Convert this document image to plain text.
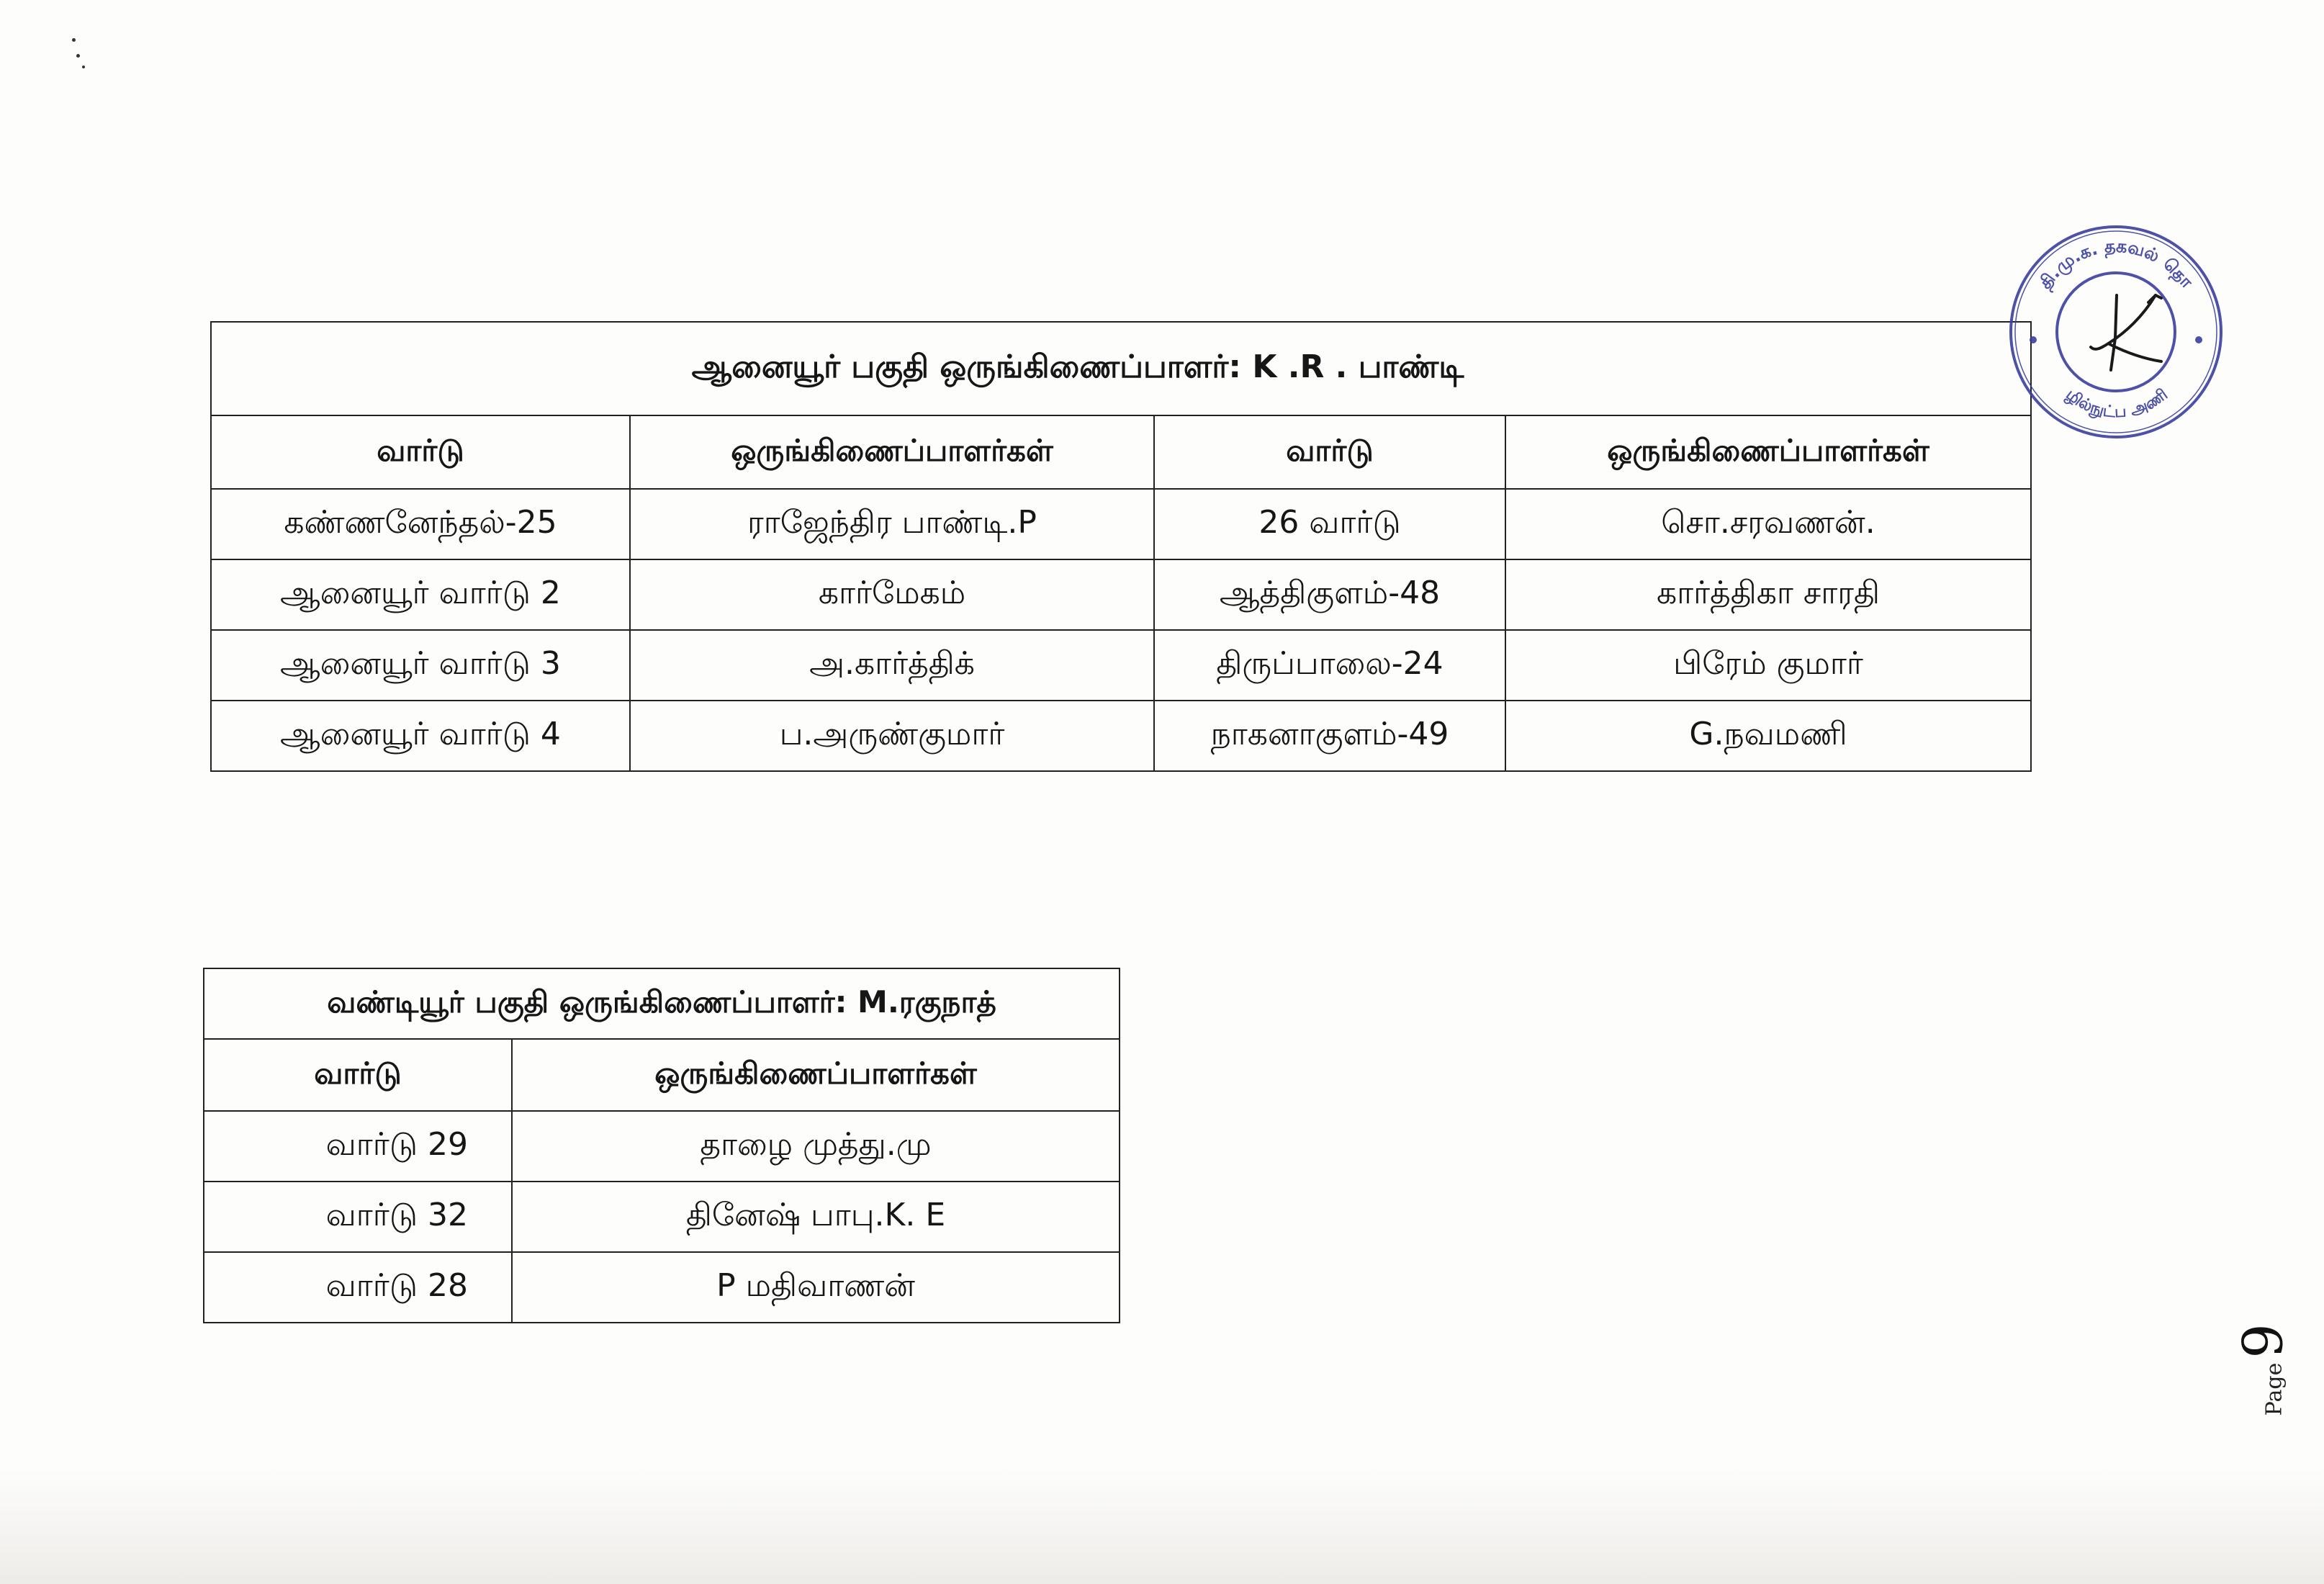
ஆனையூர் பகுதி ஒருங்கிணைப்பாளர்: K .R . பாண்டி			
வார்டு	ஒருங்கிணைப்பாளர்கள்	வார்டு	ஒருங்கிணைப்பாளர்கள்
கண்ணனேந்தல்-25	ராஜேந்திர பாண்டி.P	26 வார்டு	சொ.சரவணன்.
ஆனையூர் வார்டு 2	கார்மேகம்	ஆத்திகுளம்-48	கார்த்திகா சாரதி
ஆனையூர் வார்டு 3	அ.கார்த்திக்	திருப்பாலை-24	பிரேம் குமார்
ஆனையூர் வார்டு 4	ப.அருண்குமார்	நாகனாகுளம்-49	G.நவமணி
வண்டியூர் பகுதி ஒருங்கிணைப்பாளர்: M.ரகுநாத்	
வார்டு	ஒருங்கிணைப்பாளர்கள்
வார்டு 29	தாழை முத்து.மு
வார்டு 32	தினேஷ் பாபு.K. E
வார்டு 28	P மதிவாணன்
தி.மு.க. தகவல் தொ
ழில்நுட்ப அணி
Page
9
